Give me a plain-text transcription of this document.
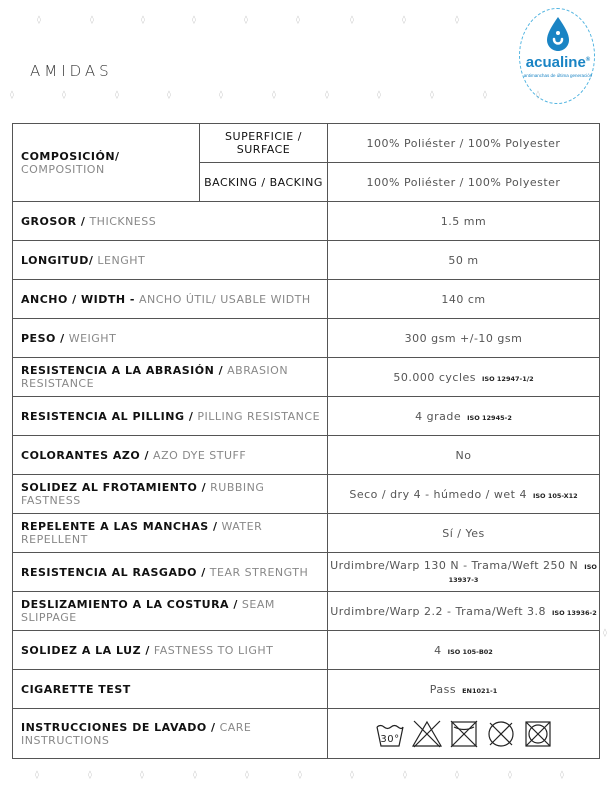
◊	◊	◊	◊	◊	◊	◊	◊	◊
◊	◊	◊	◊	◊	◊	◊	◊	◊	◊	◊
◊	◊	◊	◊	◊	◊	◊	◊	◊	◊	◊
◊
AMIDAS	acualine®
antimanchas de última generación
COMPOSICIÓN/ COMPOSITION	SUPERFICIE / SURFACE	100% Poliéster / 100% Polyester
	BACKING / BACKING	100% Poliéster / 100% Polyester
GROSOR / THICKNESS		1.5 mm
LONGITUD/ LENGHT		50 m
ANCHO / WIDTH - ANCHO ÚTIL/ USABLE WIDTH		140 cm
PESO / WEIGHT		300 gsm +/-10 gsm
RESISTENCIA A LA ABRASIÓN / ABRASION RESISTANCE		50.000 cycles ISO 12947-1/2
RESISTENCIA AL PILLING / PILLING RESISTANCE		4 grade ISO 12945-2
COLORANTES AZO / AZO DYE STUFF		No
SOLIDEZ AL FROTAMIENTO / RUBBING FASTNESS		Seco / dry 4 - húmedo / wet 4 ISO 105-X12
REPELENTE A LAS MANCHAS / WATER REPELLENT		Sí / Yes
RESISTENCIA AL RASGADO / TEAR STRENGTH		Urdimbre/Warp 130 N - Trama/Weft 250 N ISO 13937-3
DESLIZAMIENTO A LA COSTURA / SEAM SLIPPAGE		Urdimbre/Warp 2.2 - Trama/Weft 3.8 ISO 13936-2
SOLIDEZ A LA LUZ / FASTNESS TO LIGHT		4 ISO 105-B02
CIGARETTE TEST		Pass EN1021-1
INSTRUCCIONES DE LAVADO / CARE INSTRUCTIONS		30°
